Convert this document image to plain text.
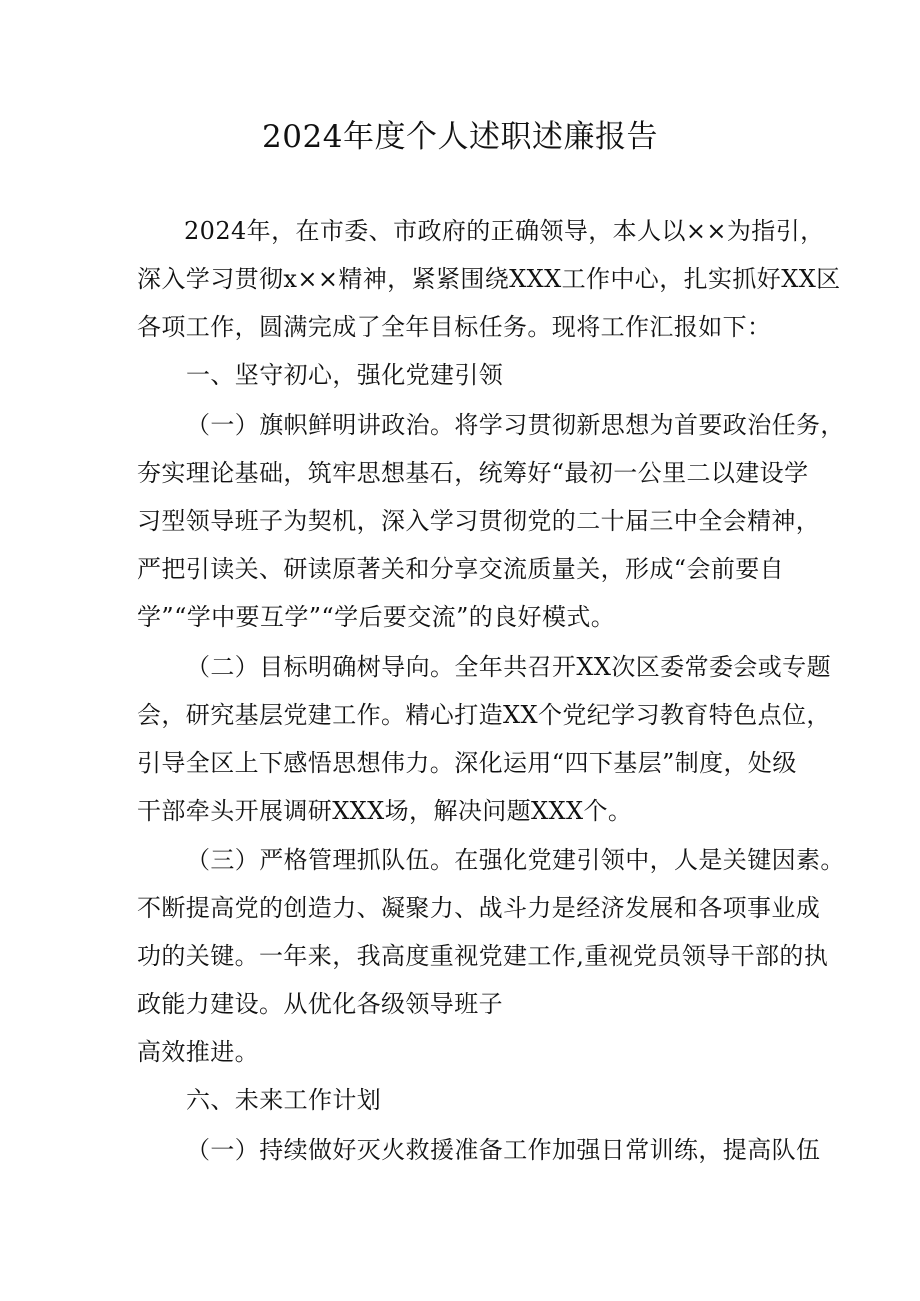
2024年度个人述职述廉报告

2024年，在市委、市政府的正确领导，本人以××为指引，

深入学习贯彻x××精神，紧紧围绕XXX工作中心，扎实抓好XX区

各项工作，圆满完成了全年目标任务。现将工作汇报如下：

一、坚守初心，强化党建引领

（一）旗帜鲜明讲政治。将学习贯彻新思想为首要政治任务，

夯实理论基础，筑牢思想基石，统筹好“最初一公里二以建设学

习型领导班子为契机，深入学习贯彻党的二十届三中全会精神，

严把引读关、研读原著关和分享交流质量关，形成“会前要自

学”“学中要互学”“学后要交流”的良好模式。

（二）目标明确树导向。全年共召开XX次区委常委会或专题

会，研究基层党建工作。精心打造XX个党纪学习教育特色点位，

引导全区上下感悟思想伟力。深化运用“四下基层”制度，处级

干部牵头开展调研XXX场，解决问题XXX个。

（三）严格管理抓队伍。在强化党建引领中，人是关键因素。

不断提高党的创造力、凝聚力、战斗力是经济发展和各项事业成

功的关键。一年来，我高度重视党建工作,重视党员领导干部的执

政能力建设。从优化各级领导班子

高效推进。

六、未来工作计划

（一）持续做好灭火救援准备工作加强日常训练，提高队伍
